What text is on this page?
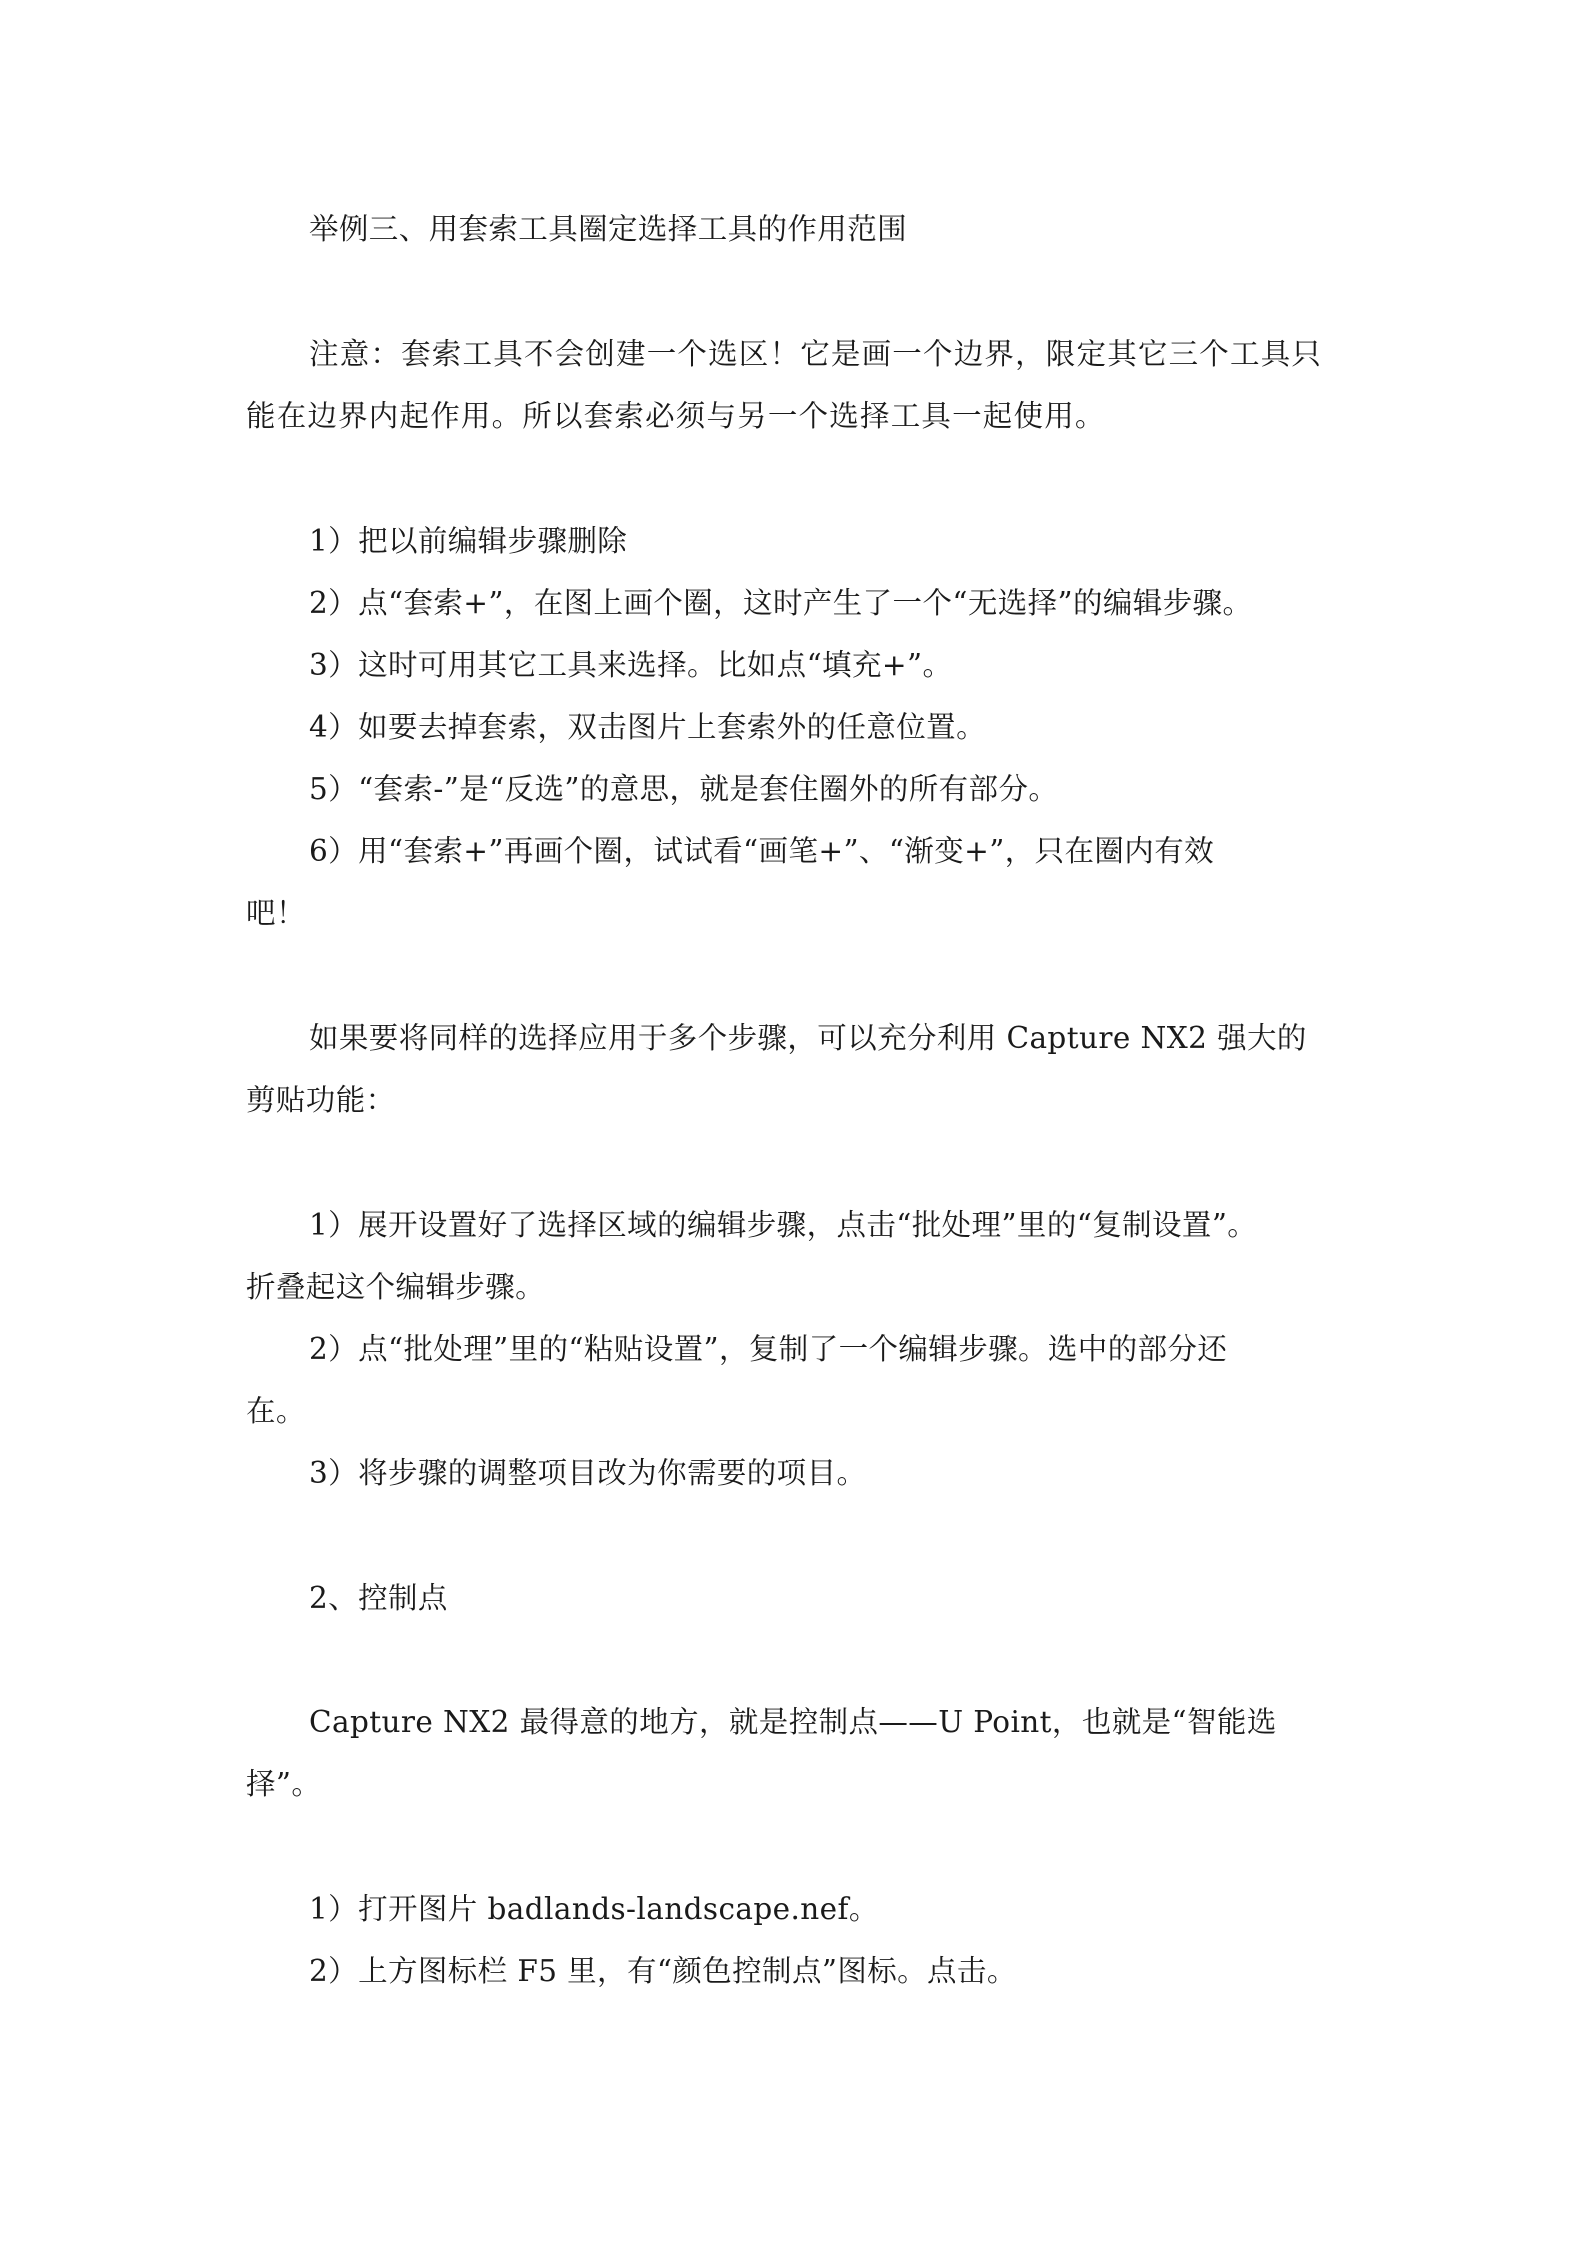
举例三、用套索工具圈定选择工具的作用范围
注意：套索工具不会创建一个选区！它是画一个边界，限定其它三个工具只
能在边界内起作用。所以套索必须与另一个选择工具一起使用。
1）把以前编辑步骤删除
2）点“套索+”，在图上画个圈，这时产生了一个“无选择”的编辑步骤。
3）这时可用其它工具来选择。比如点“填充+”。
4）如要去掉套索，双击图片上套索外的任意位置。
5）“套索-”是“反选”的意思，就是套住圈外的所有部分。
6）用“套索+”再画个圈，试试看“画笔+”、“渐变+”，只在圈内有效
吧！
如果要将同样的选择应用于多个步骤，可以充分利用 Capture NX2 强大的
剪贴功能：
1）展开设置好了选择区域的编辑步骤，点击“批处理”里的“复制设置”。
折叠起这个编辑步骤。
2）点“批处理”里的“粘贴设置”，复制了一个编辑步骤。选中的部分还
在。
3）将步骤的调整项目改为你需要的项目。
2、控制点
Capture NX2 最得意的地方，就是控制点——U Point，也就是“智能选
择”。
1）打开图片 badlands-landscape.nef。
2）上方图标栏 F5 里，有“颜色控制点”图标。点击。
